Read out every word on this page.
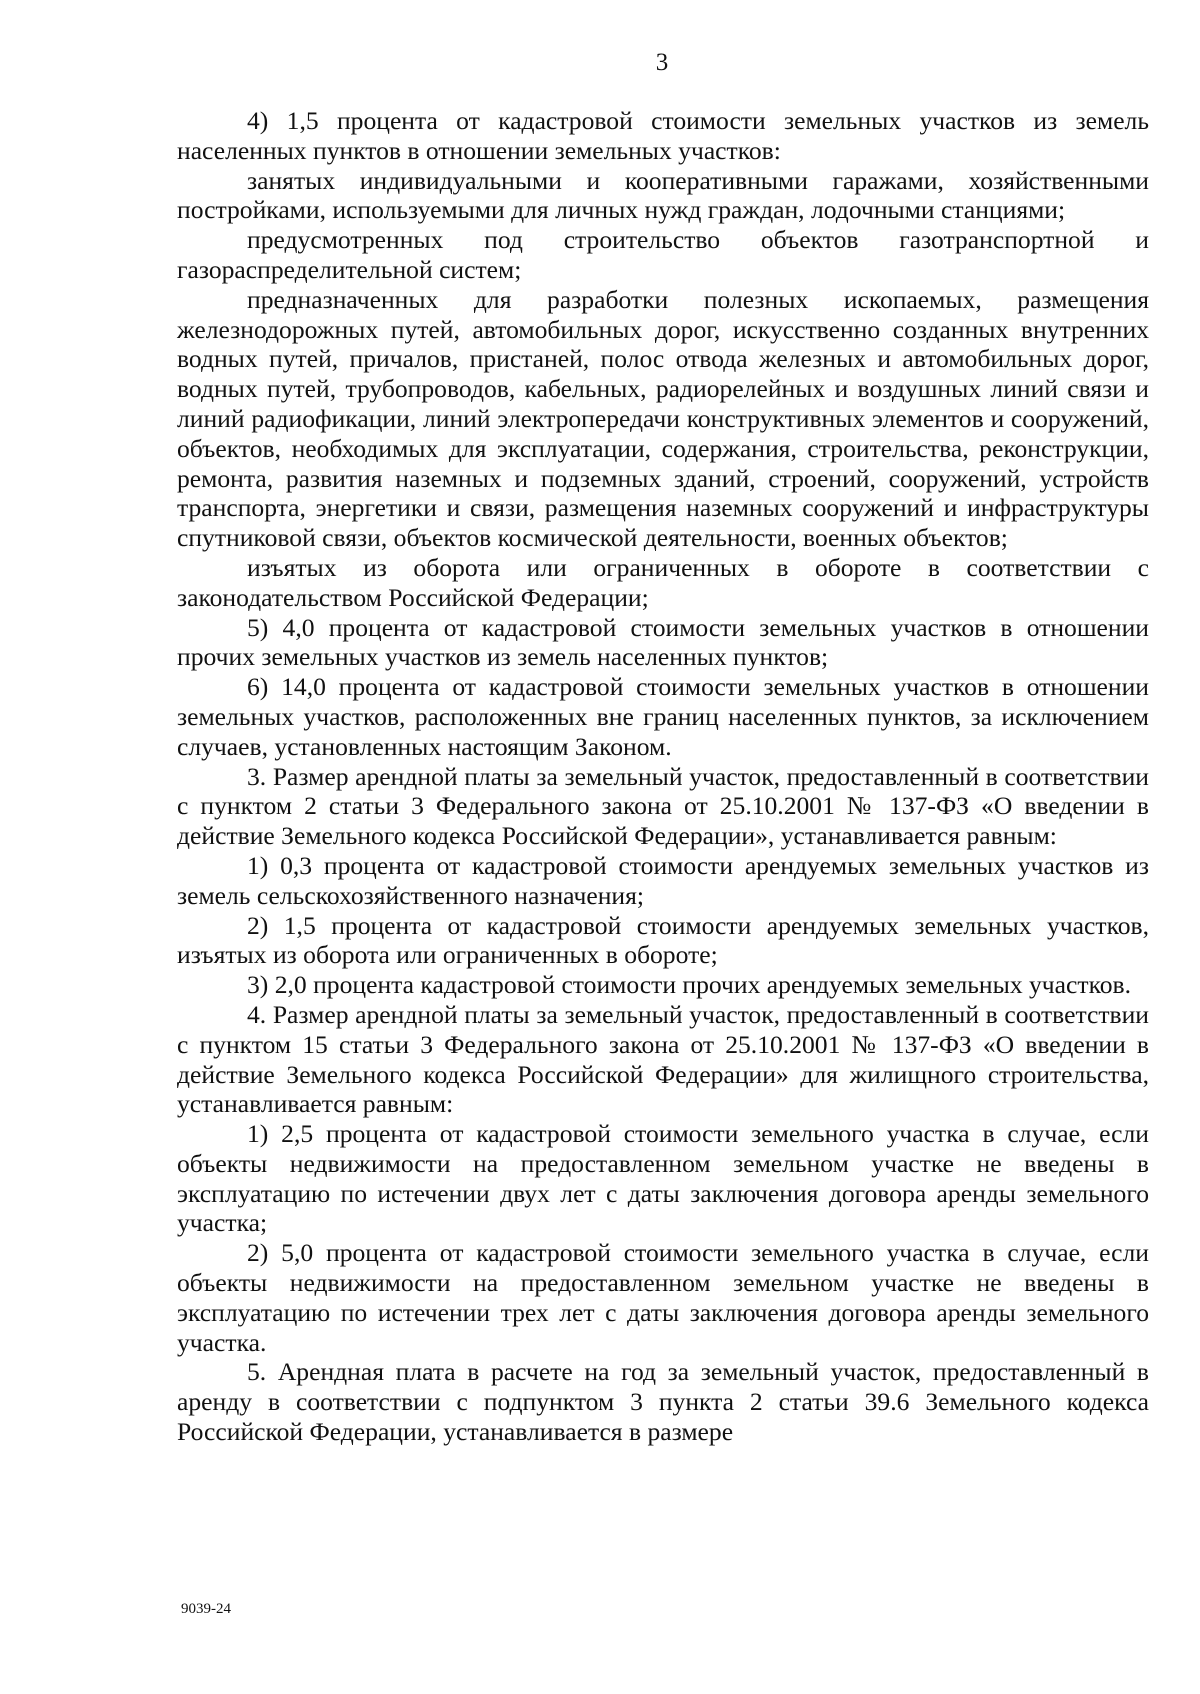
3

4) 1,5 процента от кадастровой стоимости земельных участков из земель населенных пунктов в отношении земельных участков:

занятых индивидуальными и кооперативными гаражами, хозяйственными постройками, используемыми для личных нужд граждан, лодочными станциями;

предусмотренных под строительство объектов газотранспортной и газораспределительной систем;

предназначенных для разработки полезных ископаемых, размещения железнодорожных путей, автомобильных дорог, искусственно созданных внутренних водных путей, причалов, пристаней, полос отвода железных и автомобильных дорог, водных путей, трубопроводов, кабельных, радиорелейных и воздушных линий связи и линий радиофикации, линий электропередачи конструктивных элементов и сооружений, объектов, необходимых для эксплуатации, содержания, строительства, реконструкции, ремонта, развития наземных и подземных зданий, строений, сооружений, устройств транспорта, энергетики и связи, размещения наземных сооружений и инфраструктуры спутниковой связи, объектов космической деятельности, военных объектов;

изъятых из оборота или ограниченных в обороте в соответствии с законодательством Российской Федерации;

5) 4,0 процента от кадастровой стоимости земельных участков в отношении прочих земельных участков из земель населенных пунктов;

6) 14,0 процента от кадастровой стоимости земельных участков в отношении земельных участков, расположенных вне границ населенных пунктов, за исключением случаев, установленных настоящим Законом.

3. Размер арендной платы за земельный участок, предоставленный в соответствии с пунктом 2 статьи 3 Федерального закона от 25.10.2001 № 137-ФЗ «О введении в действие Земельного кодекса Российской Федерации», устанавливается равным:

1) 0,3 процента от кадастровой стоимости арендуемых земельных участков из земель сельскохозяйственного назначения;

2) 1,5 процента от кадастровой стоимости арендуемых земельных участков, изъятых из оборота или ограниченных в обороте;

3) 2,0 процента кадастровой стоимости прочих арендуемых земельных участков.

4. Размер арендной платы за земельный участок, предоставленный в соответствии с пунктом 15 статьи 3 Федерального закона от 25.10.2001 № 137-ФЗ «О введении в действие Земельного кодекса Российской Федерации» для жилищного строительства, устанавливается равным:

1) 2,5 процента от кадастровой стоимости земельного участка в случае, если объекты недвижимости на предоставленном земельном участке не введены в эксплуатацию по истечении двух лет с даты заключения договора аренды земельного участка;

2) 5,0 процента от кадастровой стоимости земельного участка в случае, если объекты недвижимости на предоставленном земельном участке не введены в эксплуатацию по истечении трех лет с даты заключения договора аренды земельного участка.

5. Арендная плата в расчете на год за земельный участок, предоставленный в аренду в соответствии с подпунктом 3 пункта 2 статьи 39.6 Земельного кодекса Российской Федерации, устанавливается в размере

9039-24
